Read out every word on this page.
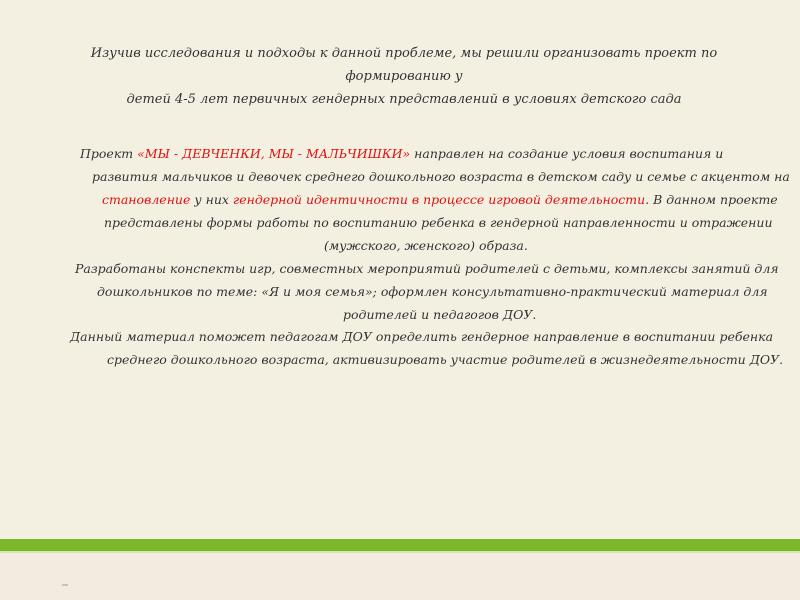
Изучив исследования и подходы к данной проблеме, мы решили организовать проект по формированию у
детей 4-5 лет первичных гендерных представлений в условиях детского сада
Проект «МЫ - ДЕВЧЕНКИ, МЫ - МАЛЬЧИШКИ» направлен на создание условия воспитания и
развития мальчиков и девочек среднего дошкольного возраста в детском саду и семье с акцентом на
становление у них гендерной идентичности в процессе игровой деятельности. В данном проекте
представлены формы работы по воспитанию ребенка в гендерной направленности и отражении
(мужского, женского) образа.
Разработаны конспекты игр, совместных мероприятий родителей с детьми, комплексы занятий для
дошкольников по теме: «Я и моя семья»; оформлен консультативно-практический материал для
родителей и педагогов ДОУ.
Данный материал поможет педагогам ДОУ определить гендерное направление в воспитании ребенка
среднего дошкольного возраста, активизировать участие родителей в жизнедеятельности ДОУ.
